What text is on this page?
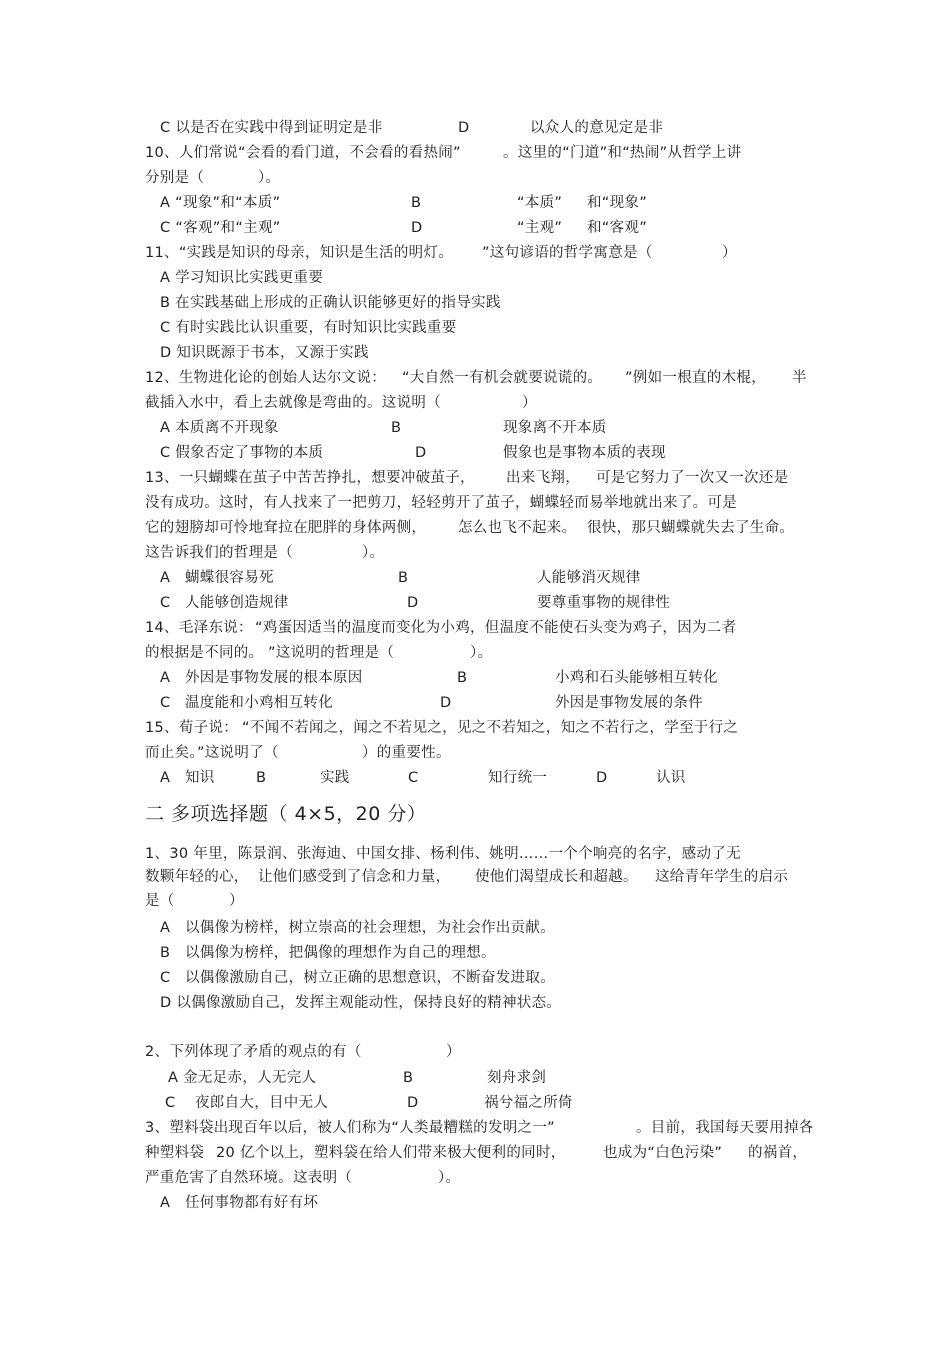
C 以是否在实践中得到证明定是非	D	以众人的意见定是非
10、人们常说“会看的看门道，不会看的看热闹”	。这里的“门道”和“热闹”从哲学上讲
分别是（	）。
A “现象”和“本质”	B	“本质” 和“现象”
C “客观”和“主观”	D	“主观” 和“客观”
11、“实践是知识的母亲，知识是生活的明灯。 ”这句谚语的哲学寓意是（	）
A 学习知识比实践更重要
B 在实践基础上形成的正确认识能够更好的指导实践
C 有时实践比认识重要，有时知识比实践重要
D 知识既源于书本，又源于实践
12、生物进化论的创始人达尔文说： “大自然一有机会就要说谎的。 ”例如一根直的木棍， 半
截插入水中，看上去就像是弯曲的。这说明（	）
A 本质离不开现象	B	现象离不开本质
C 假象否定了事物的本质	D	假象也是事物本质的表现
13、一只蝴蝶在茧子中苦苦挣扎，想要冲破茧子， 出来飞翔， 可是它努力了一次又一次还是
没有成功。这时，有人找来了一把剪刀，轻轻剪开了茧子，蝴蝶轻而易举地就出来了。可是
它的翅膀却可怜地耷拉在肥胖的身体两侧， 怎么也飞不起来。 很快，那只蝴蝶就失去了生命。
这告诉我们的哲理是（	）。
A 蝴蝶很容易死	B	人能够消灭规律
C 人能够创造规律	D	要尊重事物的规律性
14、毛泽东说： “鸡蛋因适当的温度而变化为小鸡，但温度不能使石头变为鸡子，因为二者
的根据是不同的。 ”这说明的哲理是（	）。
A 外因是事物发展的根本原因	B	小鸡和石头能够相互转化
C 温度能和小鸡相互转化	D	外因是事物发展的条件
15、荀子说： “不闻不若闻之，闻之不若见之，见之不若知之，知之不若行之，学至于行之
而止矣。”这说明了（	）的重要性。
A 知识	B	实践	C	知行统一	D	认识
二 多项选择题（ 4×5，20 分）
1、30 年里，陈景润、张海迪、中国女排、杨利伟、姚明……一个个响亮的名字，感动了无
数颗年轻的心， 让他们感受到了信念和力量， 使他们渴望成长和超越。 这给青年学生的启示
是（	）
A 以偶像为榜样，树立崇高的社会理想，为社会作出贡献。
B 以偶像为榜样，把偶像的理想作为自己的理想。
C 以偶像激励自己，树立正确的思想意识，不断奋发进取。
D 以偶像激励自己，发挥主观能动性，保持良好的精神状态。
2、下列体现了矛盾的观点的有（	）
A 金无足赤，人无完人	B	刻舟求剑
C 夜郎自大，目中无人	D	祸兮福之所倚
3、塑料袋出现百年以后，被人们称为“人类最糟糕的发明之一”	。目前，我国每天要用掉各
种塑料袋 20 亿个以上，塑料袋在给人们带来极大便利的同时，	也成为“白色污染” 的祸首，
严重危害了自然环境。这表明（	）。
A 任何事物都有好有坏
